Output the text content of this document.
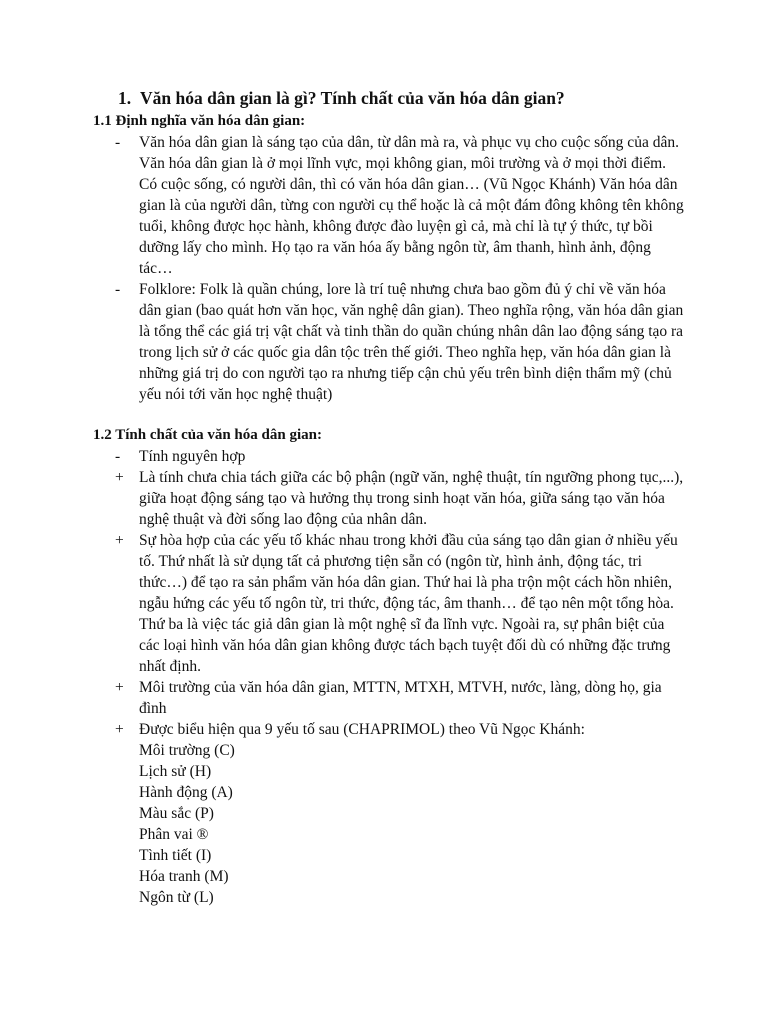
1. Văn hóa dân gian là gì? Tính chất của văn hóa dân gian?
1.1 Định nghĩa văn hóa dân gian:
- Văn hóa dân gian là sáng tạo của dân, từ dân mà ra, và phục vụ cho cuộc sống của dân. Văn hóa dân gian là ở mọi lĩnh vực, mọi không gian, môi trường và ở mọi thời điểm. Có cuộc sống, có người dân, thì có văn hóa dân gian… (Vũ Ngọc Khánh) Văn hóa dân gian là của người dân, từng con người cụ thể hoặc là cả một đám đông không tên không tuổi, không được học hành, không được đào luyện gì cả, mà chỉ là tự ý thức, tự bồi dưỡng lấy cho mình. Họ tạo ra văn hóa ấy bằng ngôn từ, âm thanh, hình ảnh, động tác…
- Folklore: Folk là quần chúng, lore là trí tuệ nhưng chưa bao gồm đủ ý chỉ về văn hóa dân gian (bao quát hơn văn học, văn nghệ dân gian). Theo nghĩa rộng, văn hóa dân gian là tổng thể các giá trị vật chất và tinh thần do quần chúng nhân dân lao động sáng tạo ra trong lịch sử ở các quốc gia dân tộc trên thế giới. Theo nghĩa hẹp, văn hóa dân gian là những giá trị do con người tạo ra nhưng tiếp cận chủ yếu trên bình diện thẩm mỹ (chủ yếu nói tới văn học nghệ thuật)
1.2 Tính chất của văn hóa dân gian:
- Tính nguyên hợp
+ Là tính chưa chia tách giữa các bộ phận (ngữ văn, nghệ thuật, tín ngưỡng phong tục,...), giữa hoạt động sáng tạo và hưởng thụ trong sinh hoạt văn hóa, giữa sáng tạo văn hóa nghệ thuật và đời sống lao động của nhân dân.
+ Sự hòa hợp của các yếu tố khác nhau trong khởi đầu của sáng tạo dân gian ở nhiều yếu tố. Thứ nhất là sử dụng tất cả phương tiện sẵn có (ngôn từ, hình ảnh, động tác, tri thức…) để tạo ra sản phẩm văn hóa dân gian. Thứ hai là pha trộn một cách hồn nhiên, ngẫu hứng các yếu tố ngôn từ, tri thức, động tác, âm thanh… để tạo nên một tổng hòa. Thứ ba là việc tác giả dân gian là một nghệ sĩ đa lĩnh vực. Ngoài ra, sự phân biệt của các loại hình văn hóa dân gian không được tách bạch tuyệt đối dù có những đặc trưng nhất định.
+ Môi trường của văn hóa dân gian, MTTN, MTXH, MTVH, nước, làng, dòng họ, gia đình
+ Được biểu hiện qua 9 yếu tố sau (CHAPRIMOL) theo Vũ Ngọc Khánh:
Môi trường (C)
Lịch sử (H)
Hành động (A)
Màu sắc (P)
Phân vai ®
Tình tiết (I)
Hóa tranh (M)
Ngôn từ (L)
